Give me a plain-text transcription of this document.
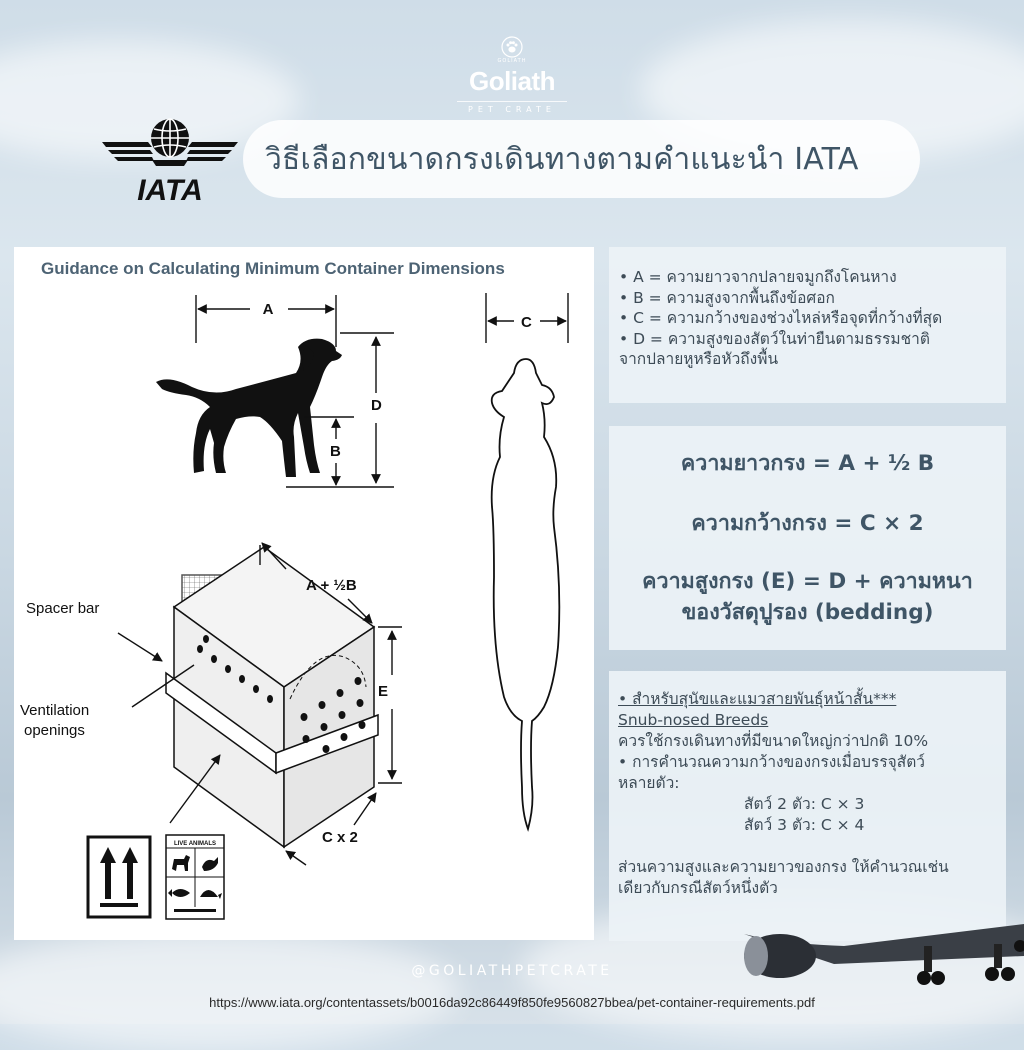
GOLIATH
Goliath
PET CRATE
IATA
วิธีเลือกขนาดกรงเดินทางตามคำแนะนำ IATA
Guidance on Calculating Minimum Container Dimensions
A
D
B
C
A + ½B
E
C x 2
Spacer bar
Ventilation
openings
LIVE ANIMALS
• A = ความยาวจากปลายจมูกถึงโคนหาง
• B = ความสูงจากพื้นถึงข้อศอก
• C = ความกว้างของช่วงไหล่หรือจุดที่กว้างที่สุด
• D = ความสูงของสัตว์ในท่ายืนตามธรรมชาติ
จากปลายหูหรือหัวถึงพื้น
ความยาวกรง = A + ½ B
ความกว้างกรง = C × 2
ความสูงกรง (E) = D + ความหนา
ของวัสดุปูรอง (bedding)
• สำหรับสุนัขและแมวสายพันธุ์หน้าสั้น***
Snub-nosed Breeds
ควรใช้กรงเดินทางที่มีขนาดใหญ่กว่าปกติ 10%
• การคำนวณความกว้างของกรงเมื่อบรรจุสัตว์
หลายตัว:
สัตว์ 2 ตัว: C × 3
สัตว์ 3 ตัว: C × 4
ส่วนความสูงและความยาวของกรง ให้คำนวณเช่น
เดียวกับกรณีสัตว์หนึ่งตัว
@GOLIATHPETCRATE
https://www.iata.org/contentassets/b0016da92c86449f850fe9560827bbea/pet-container-requirements.pdf
